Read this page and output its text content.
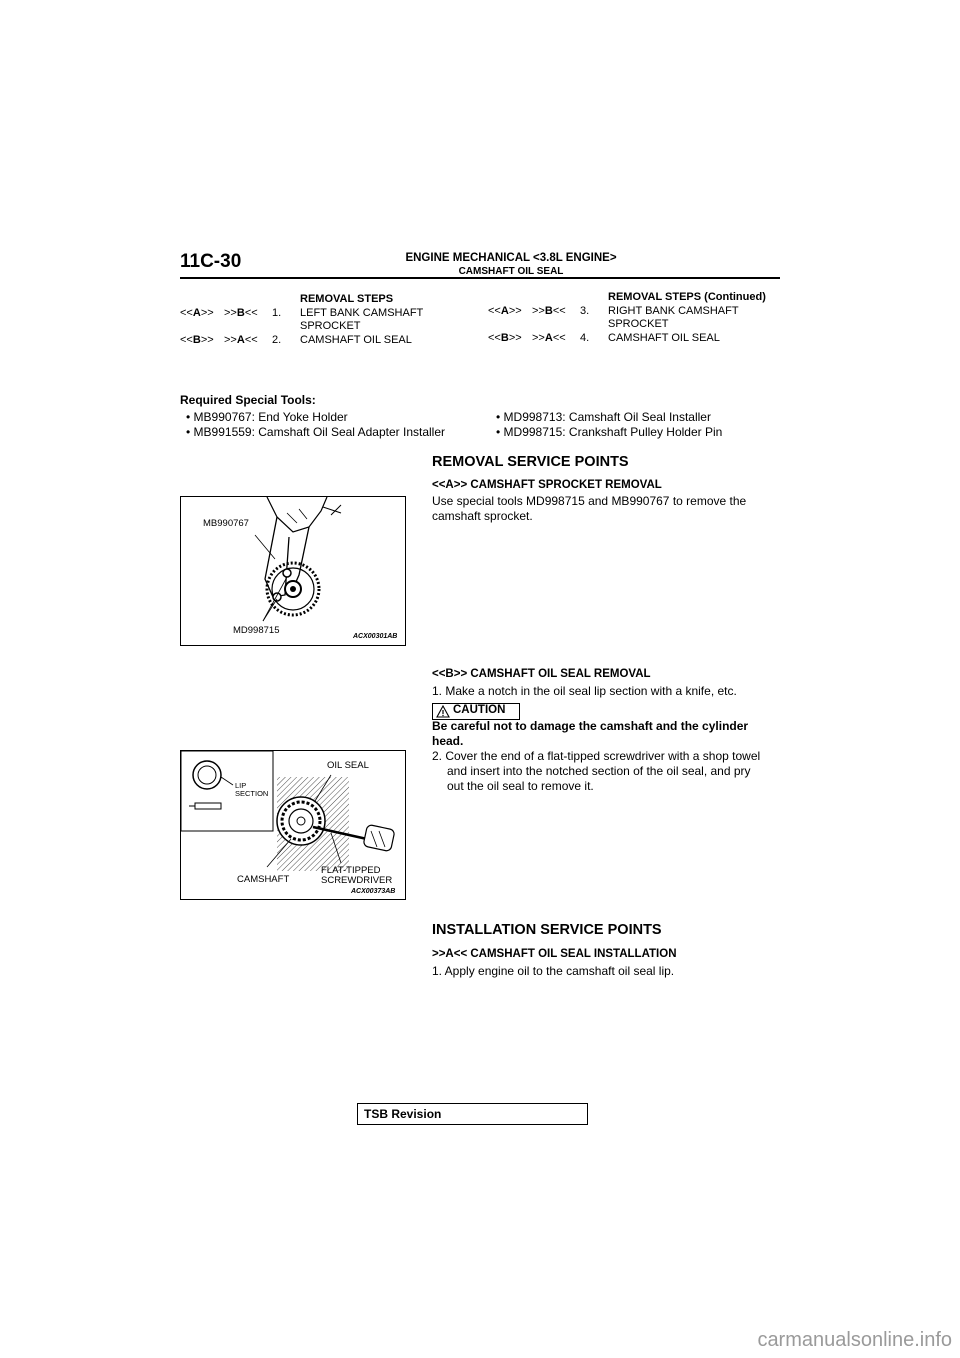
11C-30	ENGINE MECHANICAL <3.8L ENGINE>
CAMSHAFT OIL SEAL
REMOVAL STEPS
<<A>> >>B<< 1. LEFT BANK CAMSHAFT
SPROCKET
<<B>> >>A<< 2. CAMSHAFT OIL SEAL
REMOVAL STEPS (Continued)
<<A>> >>B<< 3. RIGHT BANK CAMSHAFT
SPROCKET
<<B>> >>A<< 4. CAMSHAFT OIL SEAL
Required Special Tools:
• MB990767: End Yoke Holder
• MB991559: Camshaft Oil Seal Adapter Installer
• MD998713: Camshaft Oil Seal Installer
• MD998715: Crankshaft Pulley Holder Pin
REMOVAL SERVICE POINTS
<<A>> CAMSHAFT SPROCKET REMOVAL
Use special tools MD998715 and MB990767 to remove the
camshaft sprocket.
MB990767
MD998715
ACX00301AB
<<B>> CAMSHAFT OIL SEAL REMOVAL
1. Make a notch in the oil seal lip section with a knife, etc.
CAUTION
Be careful not to damage the camshaft and the cylinder
head.
2. Cover the end of a flat-tipped screwdriver with a shop towel
and insert into the notched section of the oil seal, and pry
out the oil seal to remove it.
OIL SEAL
LIP
SECTION
CAMSHAFT
FLAT-TIPPED
SCREWDRIVER
ACX00373AB
INSTALLATION SERVICE POINTS
>>A<< CAMSHAFT OIL SEAL INSTALLATION
1. Apply engine oil to the camshaft oil seal lip.
TSB Revision
carmanualsonline.info
